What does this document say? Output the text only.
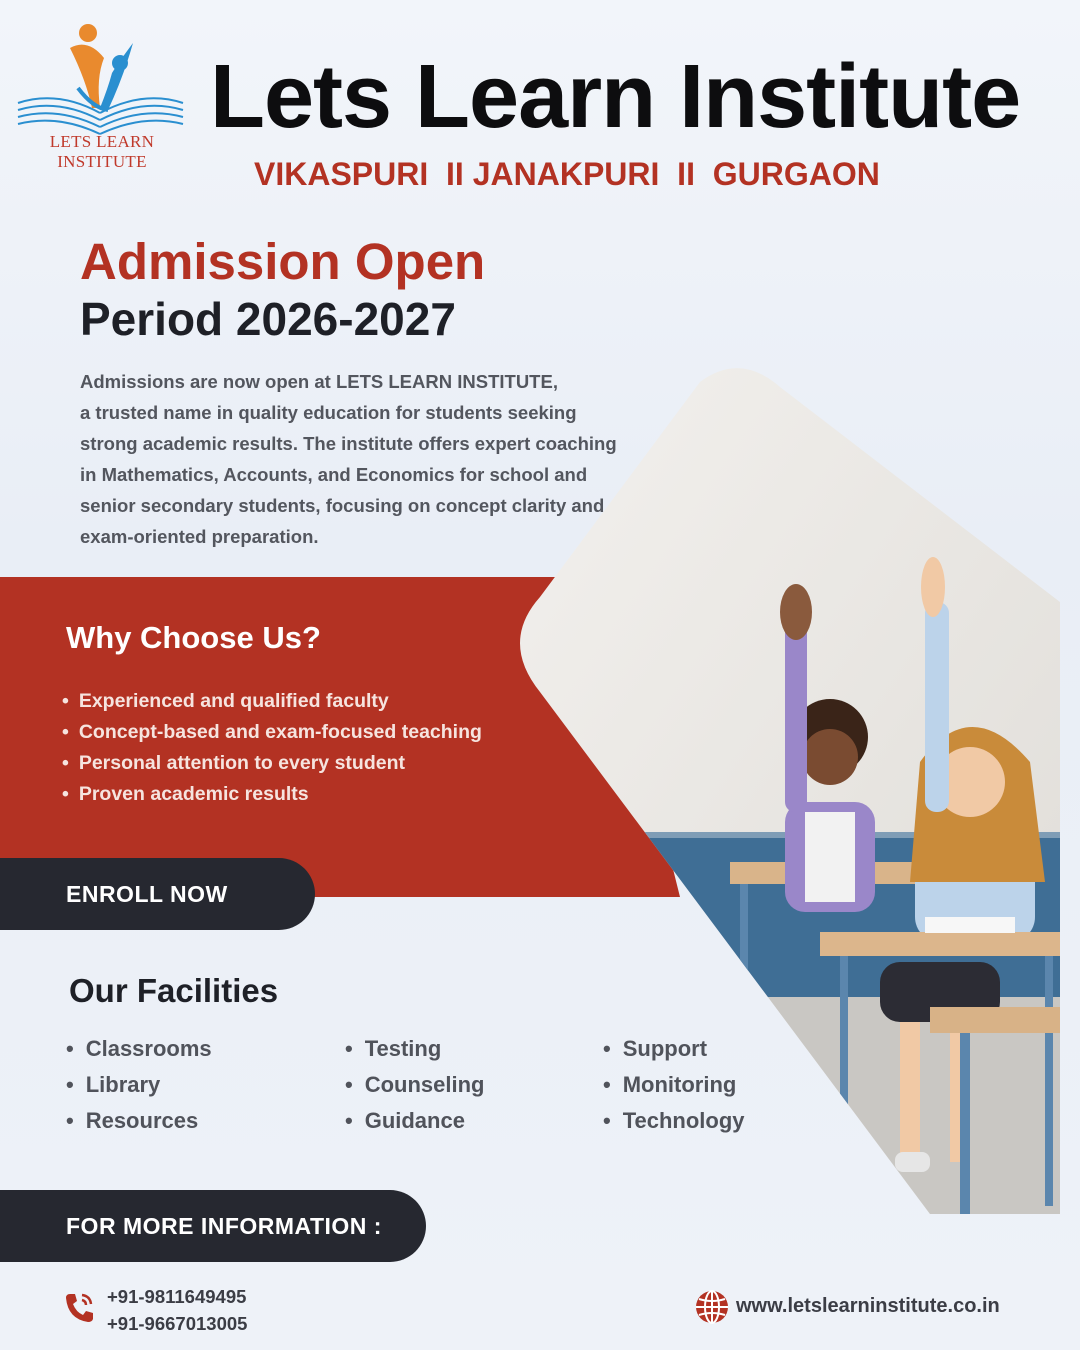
LETS LEARN INSTITUTE
Lets Learn Institute
VIKASPURI  II JANAKPURI  II  GURGAON
Admission Open
Period 2026-2027
Admissions are now open at LETS LEARN INSTITUTE,
a trusted name in quality education for students seeking
strong academic results. The institute offers expert coaching
in Mathematics, Accounts, and Economics for school and
senior secondary students, focusing on concept clarity and
exam-oriented preparation.
Why Choose Us?
• Experienced and qualified faculty
• Concept-based and exam-focused teaching
• Personal attention to every student
• Proven academic results
ENROLL NOW
Our Facilities
• Classrooms
• Library
• Resources
• Testing
• Counseling
• Guidance
• Support
• Monitoring
• Technology
FOR MORE INFORMATION :
+91-9811649495
+91-9667013005
www.letslearninstitute.co.in
